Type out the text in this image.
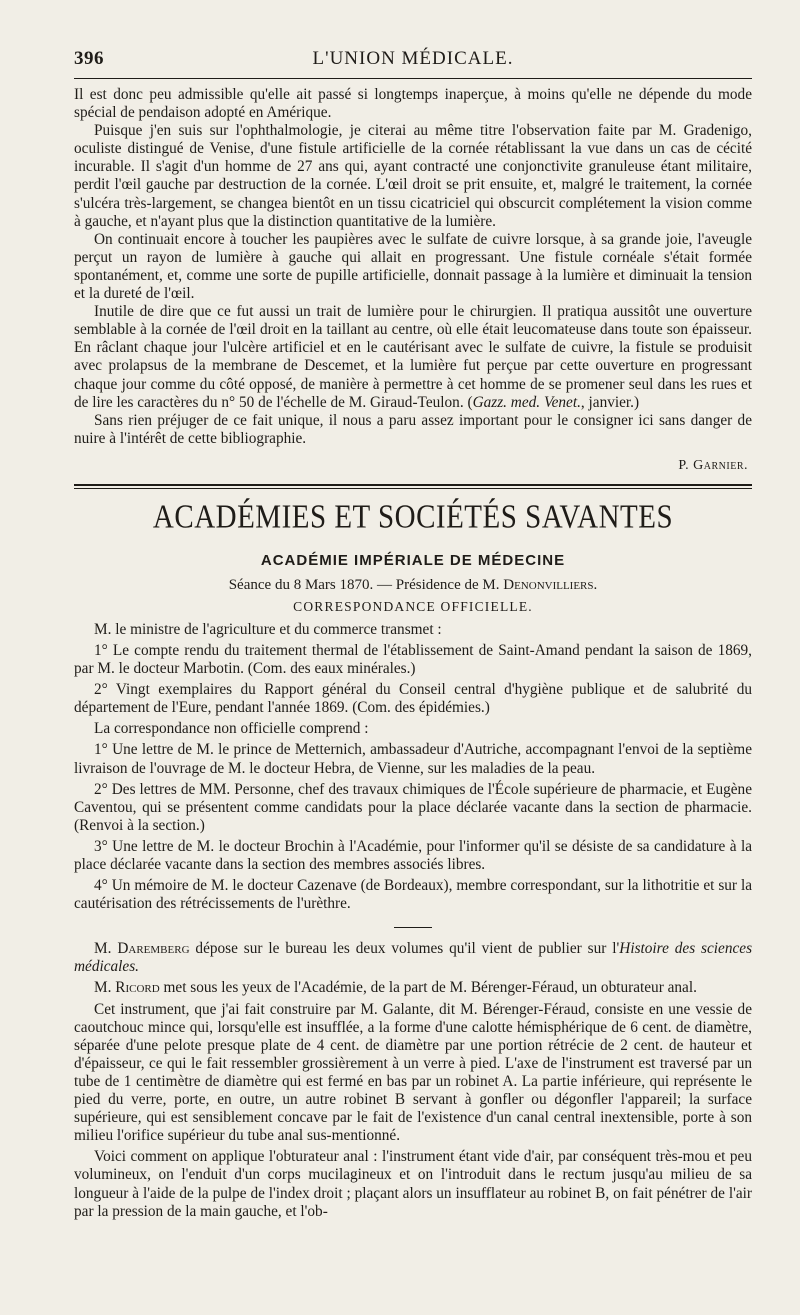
396	L'UNION MÉDICALE.

Il est donc peu admissible qu'elle ait passé si longtemps inaperçue, à moins qu'elle ne dépende du mode spécial de pendaison adopté en Amérique.

Puisque j'en suis sur l'ophthalmologie, je citerai au même titre l'observation faite par M. Gradenigo, oculiste distingué de Venise, d'une fistule artificielle de la cornée rétablissant la vue dans un cas de cécité incurable. Il s'agit d'un homme de 27 ans qui, ayant contracté une conjonctivite granuleuse étant militaire, perdit l'œil gauche par destruction de la cornée. L'œil droit se prit ensuite, et, malgré le traitement, la cornée s'ulcéra très-largement, se changea bientôt en un tissu cicatriciel qui obscurcit complétement la vision comme à gauche, et n'ayant plus que la distinction quantitative de la lumière.

On continuait encore à toucher les paupières avec le sulfate de cuivre lorsque, à sa grande joie, l'aveugle perçut un rayon de lumière à gauche qui allait en progressant. Une fistule cornéale s'était formée spontanément, et, comme une sorte de pupille artificielle, donnait passage à la lumière et diminuait la tension et la dureté de l'œil.

Inutile de dire que ce fut aussi un trait de lumière pour le chirurgien. Il pratiqua aussitôt une ouverture semblable à la cornée de l'œil droit en la taillant au centre, où elle était leucomateuse dans toute son épaisseur. En râclant chaque jour l'ulcère artificiel et en le cautérisant avec le sulfate de cuivre, la fistule se produisit avec prolapsus de la membrane de Descemet, et la lumière fut perçue par cette ouverture en progressant chaque jour comme du côté opposé, de manière à permettre à cet homme de se promener seul dans les rues et de lire les caractères du n° 50 de l'échelle de M. Giraud-Teulon. (Gazz. med. Venet., janvier.)

Sans rien préjuger de ce fait unique, il nous a paru assez important pour le consigner ici sans danger de nuire à l'intérêt de cette bibliographie.

P. Garnier.
ACADÉMIES ET SOCIÉTÉS SAVANTES
ACADÉMIE IMPÉRIALE DE MÉDECINE
Séance du 8 Mars 1870. — Présidence de M. Denonvilliers.
CORRESPONDANCE OFFICIELLE.

M. le ministre de l'agriculture et du commerce transmet :

1° Le compte rendu du traitement thermal de l'établissement de Saint-Amand pendant la saison de 1869, par M. le docteur Marbotin. (Com. des eaux minérales.)

2° Vingt exemplaires du Rapport général du Conseil central d'hygiène publique et de salubrité du département de l'Eure, pendant l'année 1869. (Com. des épidémies.)

La correspondance non officielle comprend :

1° Une lettre de M. le prince de Metternich, ambassadeur d'Autriche, accompagnant l'envoi de la septième livraison de l'ouvrage de M. le docteur Hebra, de Vienne, sur les maladies de la peau.

2° Des lettres de MM. Personne, chef des travaux chimiques de l'École supérieure de pharmacie, et Eugène Caventou, qui se présentent comme candidats pour la place déclarée vacante dans la section de pharmacie. (Renvoi à la section.)

3° Une lettre de M. le docteur Brochin à l'Académie, pour l'informer qu'il se désiste de sa candidature à la place déclarée vacante dans la section des membres associés libres.

4° Un mémoire de M. le docteur Cazenave (de Bordeaux), membre correspondant, sur la lithotritie et sur la cautérisation des rétrécissements de l'urèthre.

M. Daremberg dépose sur le bureau les deux volumes qu'il vient de publier sur l'Histoire des sciences médicales.

M. Ricord met sous les yeux de l'Académie, de la part de M. Bérenger-Féraud, un obturateur anal.

Cet instrument, que j'ai fait construire par M. Galante, dit M. Bérenger-Féraud, consiste en une vessie de caoutchouc mince qui, lorsqu'elle est insufflée, a la forme d'une calotte hémisphérique de 6 cent. de diamètre, séparée d'une pelote presque plate de 4 cent. de diamètre par une portion rétrécie de 2 cent. de hauteur et d'épaisseur, ce qui le fait ressembler grossièrement à un verre à pied. L'axe de l'instrument est traversé par un tube de 1 centimètre de diamètre qui est fermé en bas par un robinet A. La partie inférieure, qui représente le pied du verre, porte, en outre, un autre robinet B servant à gonfler ou dégonfler l'appareil; la surface supérieure, qui est sensiblement concave par le fait de l'existence d'un canal central inextensible, porte à son milieu l'orifice supérieur du tube anal sus-mentionné.

Voici comment on applique l'obturateur anal : l'instrument étant vide d'air, par conséquent très-mou et peu volumineux, on l'enduit d'un corps mucilagineux et on l'introduit dans le rectum jusqu'au milieu de sa longueur à l'aide de la pulpe de l'index droit ; plaçant alors un insufflateur au robinet B, on fait pénétrer de l'air par la pression de la main gauche, et l'ob-
